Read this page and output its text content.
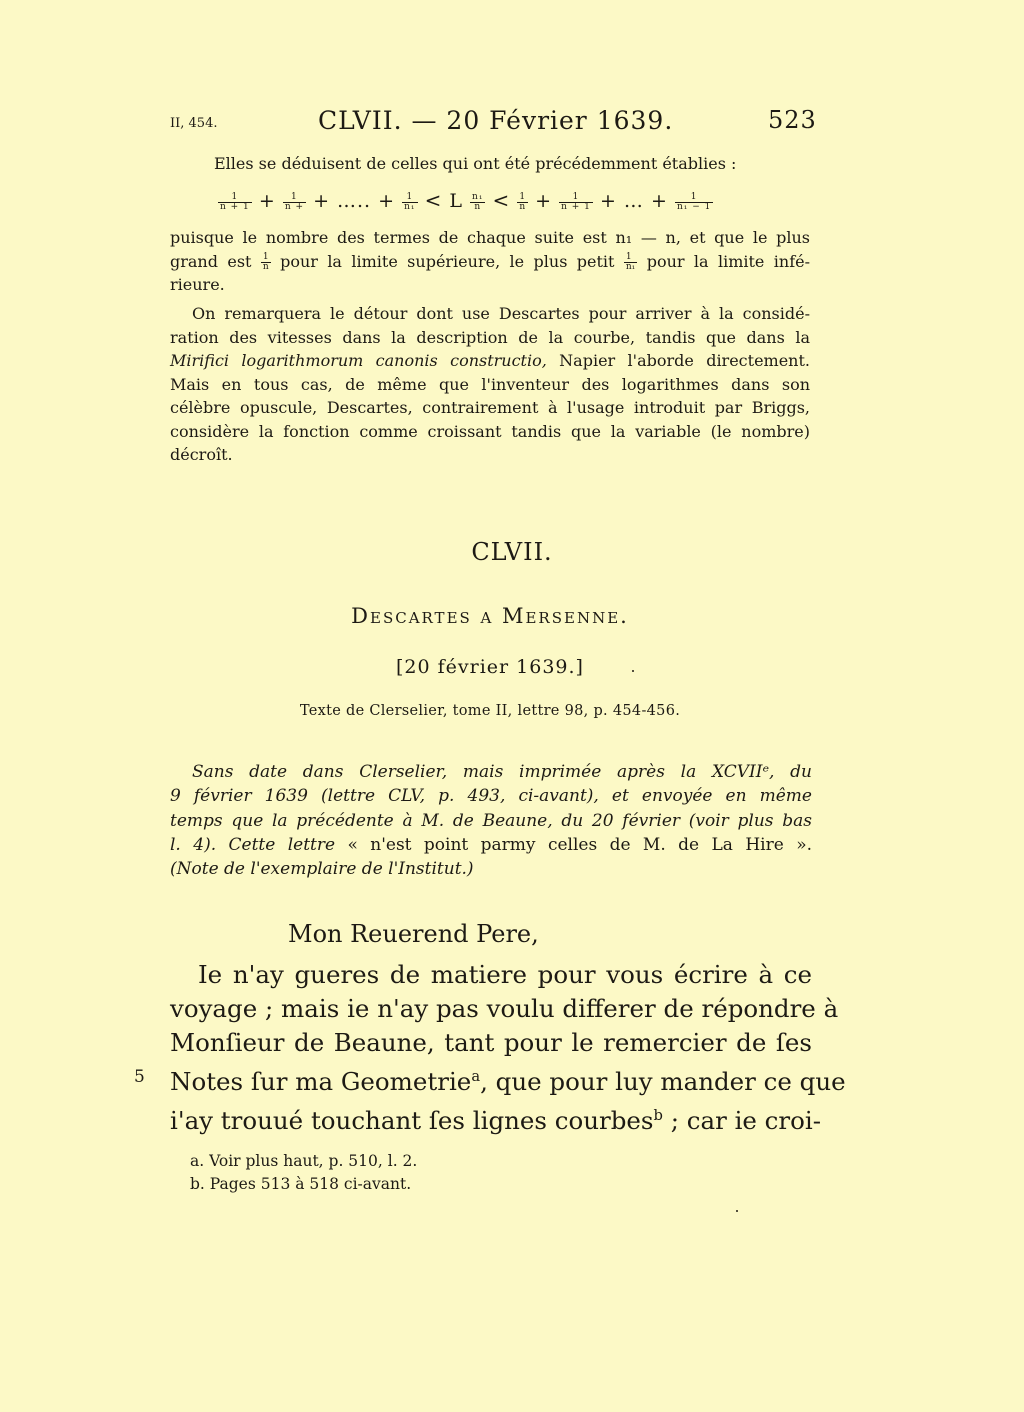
II, 454.	CLVII. — 20 Février 1639.	523
Elles se déduisent de celles qui ont été précédemment établies :
$\frac{1}{n + 1} + \frac{1}{n +}$ + ….. + $\frac{1}{\text{n₁}} < L \frac{\text{n₁}}{n} < \frac{1}{n} + \frac{1}{n + 1}$ + … + $\frac{1}{\text{n₁ − 1}}$
puisque le nombre des termes de chaque suite est n₁ — n, et que le plus
grand est $\frac{1}{n}$ pour la limite supérieure, le plus petit $\frac{1}{\text{n₁}}$ pour la limite infé-
rieure.
On remarquera le détour dont use Descartes pour arriver à la considé-
ration des vitesses dans la description de la courbe, tandis que dans la
Mirifici logarithmorum canonis constructio, Napier l'aborde directement.
Mais en tous cas, de même que l'inventeur des logarithmes dans son
célèbre opuscule, Descartes, contrairement à l'usage introduit par Briggs,
considère la fonction comme croissant tandis que la variable (le nombre)
décroît.
CLVII.
Descartes a Mersenne.
[20 février 1639.]
Texte de Clerselier, tome II, lettre 98, p. 454-456.
Sans date dans Clerselier, mais imprimée après la XCVIIᵉ, du
9 février 1639 (lettre CLV, p. 493, ci-avant), et envoyée en même
temps que la précédente à M. de Beaune, du 20 février (voir plus bas
l. 4). Cette lettre « n'est point parmy celles de M. de La Hire ».
(Note de l'exemplaire de l'Institut.)
Mon Reuerend Pere,
Ie n'ay gueres de matiere pour vous écrire à ce
voyage ; mais ie n'ay pas voulu differer de répondre à
Monſieur de Beaune, tant pour le remercier de ſes
Notes ſur ma Geometrie$^a$, que pour luy mander ce que
i'ay trouué touchant ſes lignes courbes$^b$ ; car ie croi-
5
a. Voir plus haut, p. 510, l. 2.
b. Pages 513 à 518 ci-avant.
